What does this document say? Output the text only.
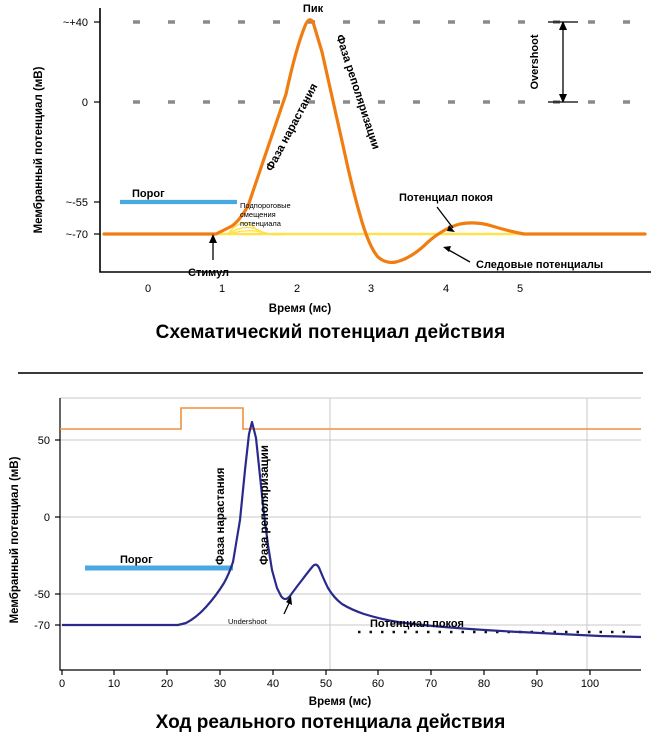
~+40
0
~-55
~-70
Мембранный потенциал (мВ)
0	1	2	3	4	5
Время (мс)
Пик
Фаза нарастания Фаза реполяризации
Порог
Подпороговые
смещения
потенциала
Стимул
Потенциал покоя
Следовые потенциалы
Overshoot
Схематический потенциал действия
50
0
-50
-70
Мембранный потенциал (мВ)
0	10	20	30	40	50	60	70	80	90	100
Время (мс)
Фаза нарастания	Фаза реполяризации
Порог
Undershoot	Потенциал покоя
Ход реального потенциала действия
